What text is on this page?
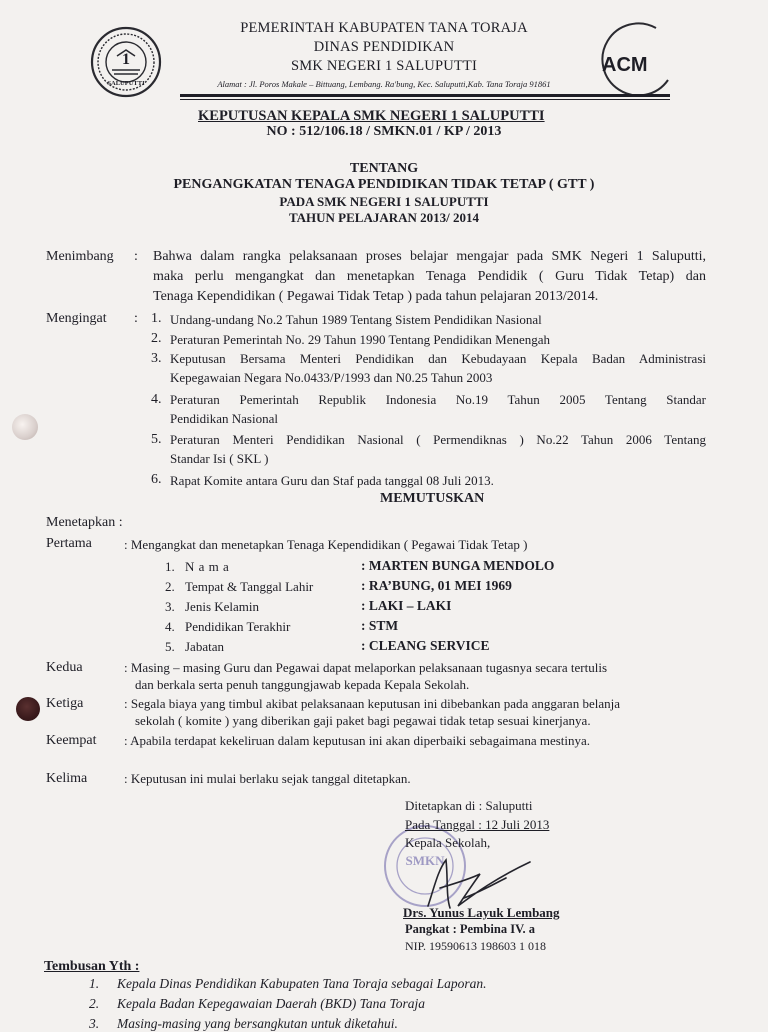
1
SALUPUTTI
ACM
PEMERINTAH KABUPATEN TANA TORAJA
DINAS PENDIDIKAN
SMK NEGERI 1 SALUPUTTI
Alamat : Jl. Poros Makale – Bittuang, Lembang. Ra'bung, Kec. Saluputti,Kab. Tana Toraja 91861
KEPUTUSAN KEPALA SMK NEGERI 1 SALUPUTTI
NO : 512/106.18 / SMKN.01 / KP / 2013
TENTANG
PENGANGKATAN TENAGA PENDIDIKAN TIDAK TETAP ( GTT )
PADA SMK NEGERI 1 SALUPUTTI
TAHUN PELAJARAN 2013/ 2014
Menimbang : Bahwa dalam rangka pelaksanaan proses belajar mengajar pada SMK Negeri 1 Saluputti,
maka perlu mengangkat dan menetapkan Tenaga Pendidik ( Guru Tidak Tetap) dan
Tenaga Kependidikan ( Pegawai Tidak Tetap ) pada tahun pelajaran 2013/2014.
Mengingat : 1. Undang-undang No.2 Tahun 1989 Tentang Sistem Pendidikan Nasional
2. Peraturan Pemerintah No. 29 Tahun 1990 Tentang Pendidikan Menengah
3. Keputusan Bersama Menteri Pendidikan dan Kebudayaan Kepala Badan Administrasi
Kepegawaian Negara No.0433/P/1993 dan N0.25 Tahun 2003
4. Peraturan Pemerintah Republik Indonesia No.19 Tahun 2005 Tentang Standar
Pendidikan Nasional
5. Peraturan Menteri Pendidikan Nasional ( Permendiknas ) No.22 Tahun 2006 Tentang
Standar Isi ( SKL )
6. Rapat Komite antara Guru dan Staf pada tanggal 08 Juli 2013.
MEMUTUSKAN
Menetapkan :
Pertama : Mengangkat dan menetapkan Tenaga Kependidikan ( Pegawai Tidak Tetap )
1. N a m a	: MARTEN BUNGA MENDOLO
2. Tempat & Tanggal Lahir	: RA’BUNG, 01 MEI 1969
3. Jenis Kelamin	: LAKI – LAKI
4. Pendidikan Terakhir	: STM
5. Jabatan	: CLEANG SERVICE
Kedua	: Masing – masing Guru dan Pegawai dapat melaporkan pelaksanaan tugasnya secara tertulis
dan berkala serta penuh tanggungjawab kepada Kepala Sekolah.
Ketiga	: Segala biaya yang timbul akibat pelaksanaan keputusan ini dibebankan pada anggaran belanja
sekolah ( komite ) yang diberikan gaji paket bagi pegawai tidak tetap sesuai kinerjanya.
Keempat : Apabila terdapat kekeliruan dalam keputusan ini akan diperbaiki sebagaimana mestinya.
Kelima	: Keputusan ini mulai berlaku sejak tanggal ditetapkan.
SMKN
Ditetapkan di : Saluputti
Pada Tanggal : 12 Juli 2013
Kepala Sekolah,
Drs. Yunus Layuk Lembang
Pangkat : Pembina IV. a
NIP. 19590613 198603 1 018
Tembusan Yth :
1. Kepala Dinas Pendidikan Kabupaten Tana Toraja sebagai Laporan.
2. Kepala Badan Kepegawaian Daerah (BKD) Tana Toraja
3. Masing-masing yang bersangkutan untuk diketahui.
